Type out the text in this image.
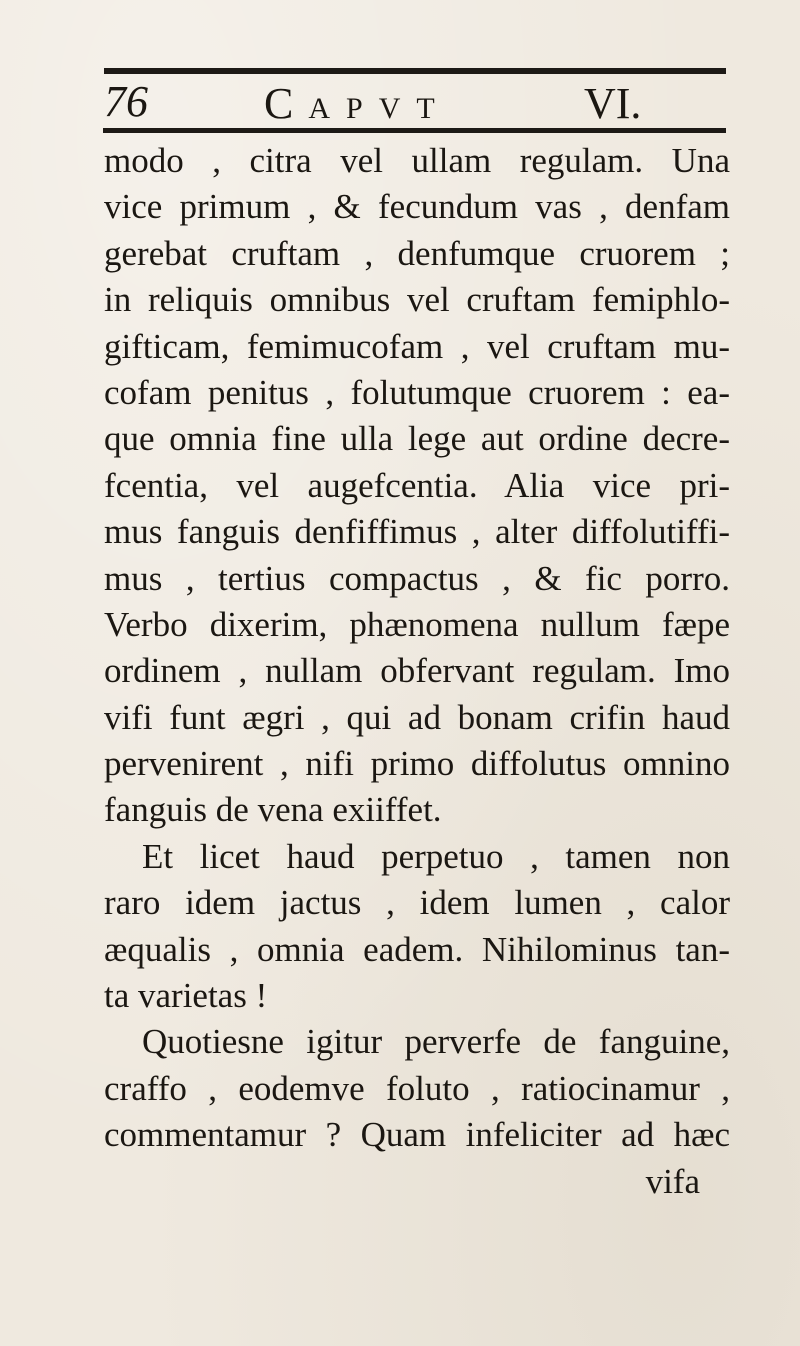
76	C APVT	VI.
modo , citra vel ullam regulam. Una
vice primum , & fecundum vas , denfam
gerebat cruftam , denfumque cruorem ;
in reliquis omnibus vel cruftam femiphlo-
gifticam, femimucofam , vel cruftam mu-
cofam penitus , folutumque cruorem : ea-
que omnia fine ulla lege aut ordine decre-
fcentia, vel augefcentia. Alia vice pri-
mus fanguis denfiffimus , alter diffolutiffi-
mus , tertius compactus , & fic porro.
Verbo dixerim, phænomena nullum fæpe
ordinem , nullam obfervant regulam. Imo
vifi funt ægri , qui ad bonam crifin haud
pervenirent , nifi primo diffolutus omnino
fanguis de vena exiiffet.
Et licet haud perpetuo , tamen non
raro idem jactus , idem lumen , calor
æqualis , omnia eadem. Nihilominus tan-
ta varietas !
Quotiesne igitur perverfe de fanguine,
craffo , eodemve foluto , ratiocinamur ,
commentamur ? Quam infeliciter ad hæc
vifa
